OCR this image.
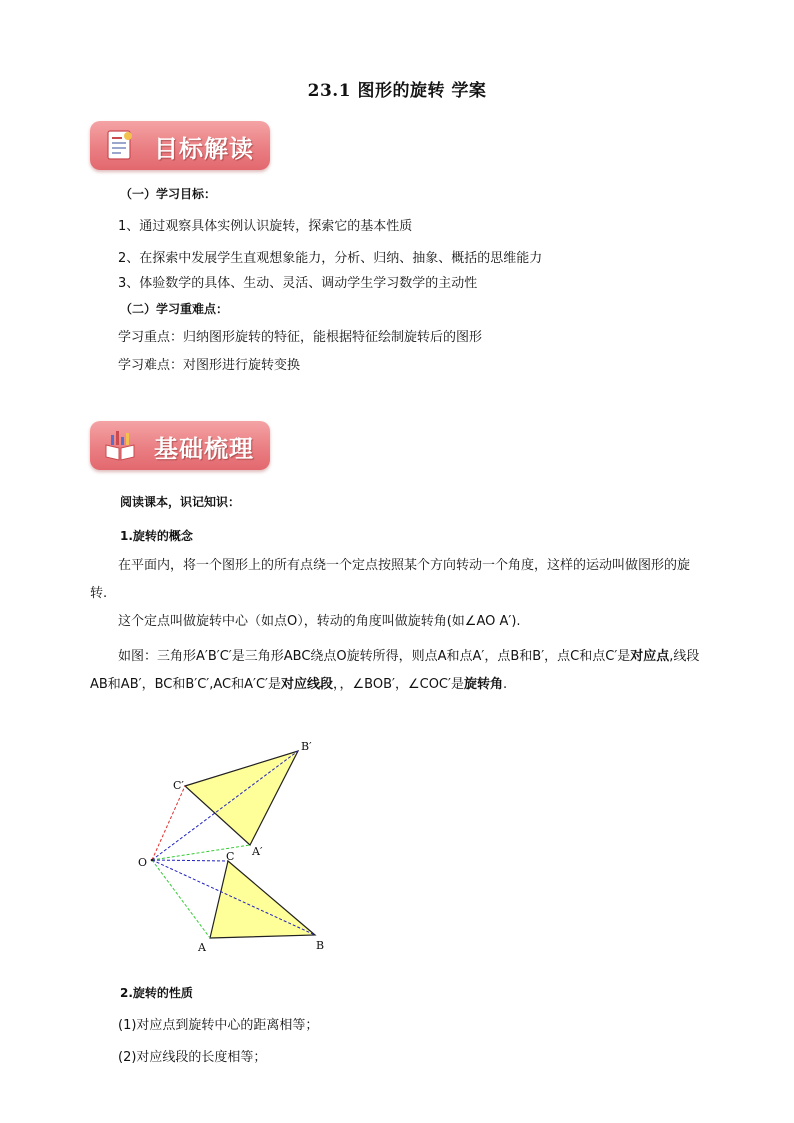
23.1 图形的旋转 学案
目标解读
（一）学习目标：
1、通过观察具体实例认识旋转，探索它的基本性质
2、在探索中发展学生直观想象能力，分析、归纳、抽象、概括的思维能力
3、体验数学的具体、生动、灵活、调动学生学习数学的主动性
（二）学习重难点：
学习重点：归纳图形旋转的特征，能根据特征绘制旋转后的图形
学习难点：对图形进行旋转变换
基础梳理
阅读课本，识记知识：
1.旋转的概念
在平面内，将一个图形上的所有点绕一个定点按照某个方向转动一个角度，这样的运动叫做图形的旋转.
这个定点叫做旋转中心（如点O），转动的角度叫做旋转角(如∠AO A′).
如图：三角形A′B′C′是三角形ABC绕点O旋转所得，则点A和点A′，点B和B′，点C和点C′是对应点,线段AB和AB′，BC和B′C′,AC和A′C′是对应线段，，∠BOB′，∠COC′是旋转角.
O
A	B
C A′
B′
C′
2.旋转的性质
(1)对应点到旋转中心的距离相等；
(2)对应线段的长度相等；
